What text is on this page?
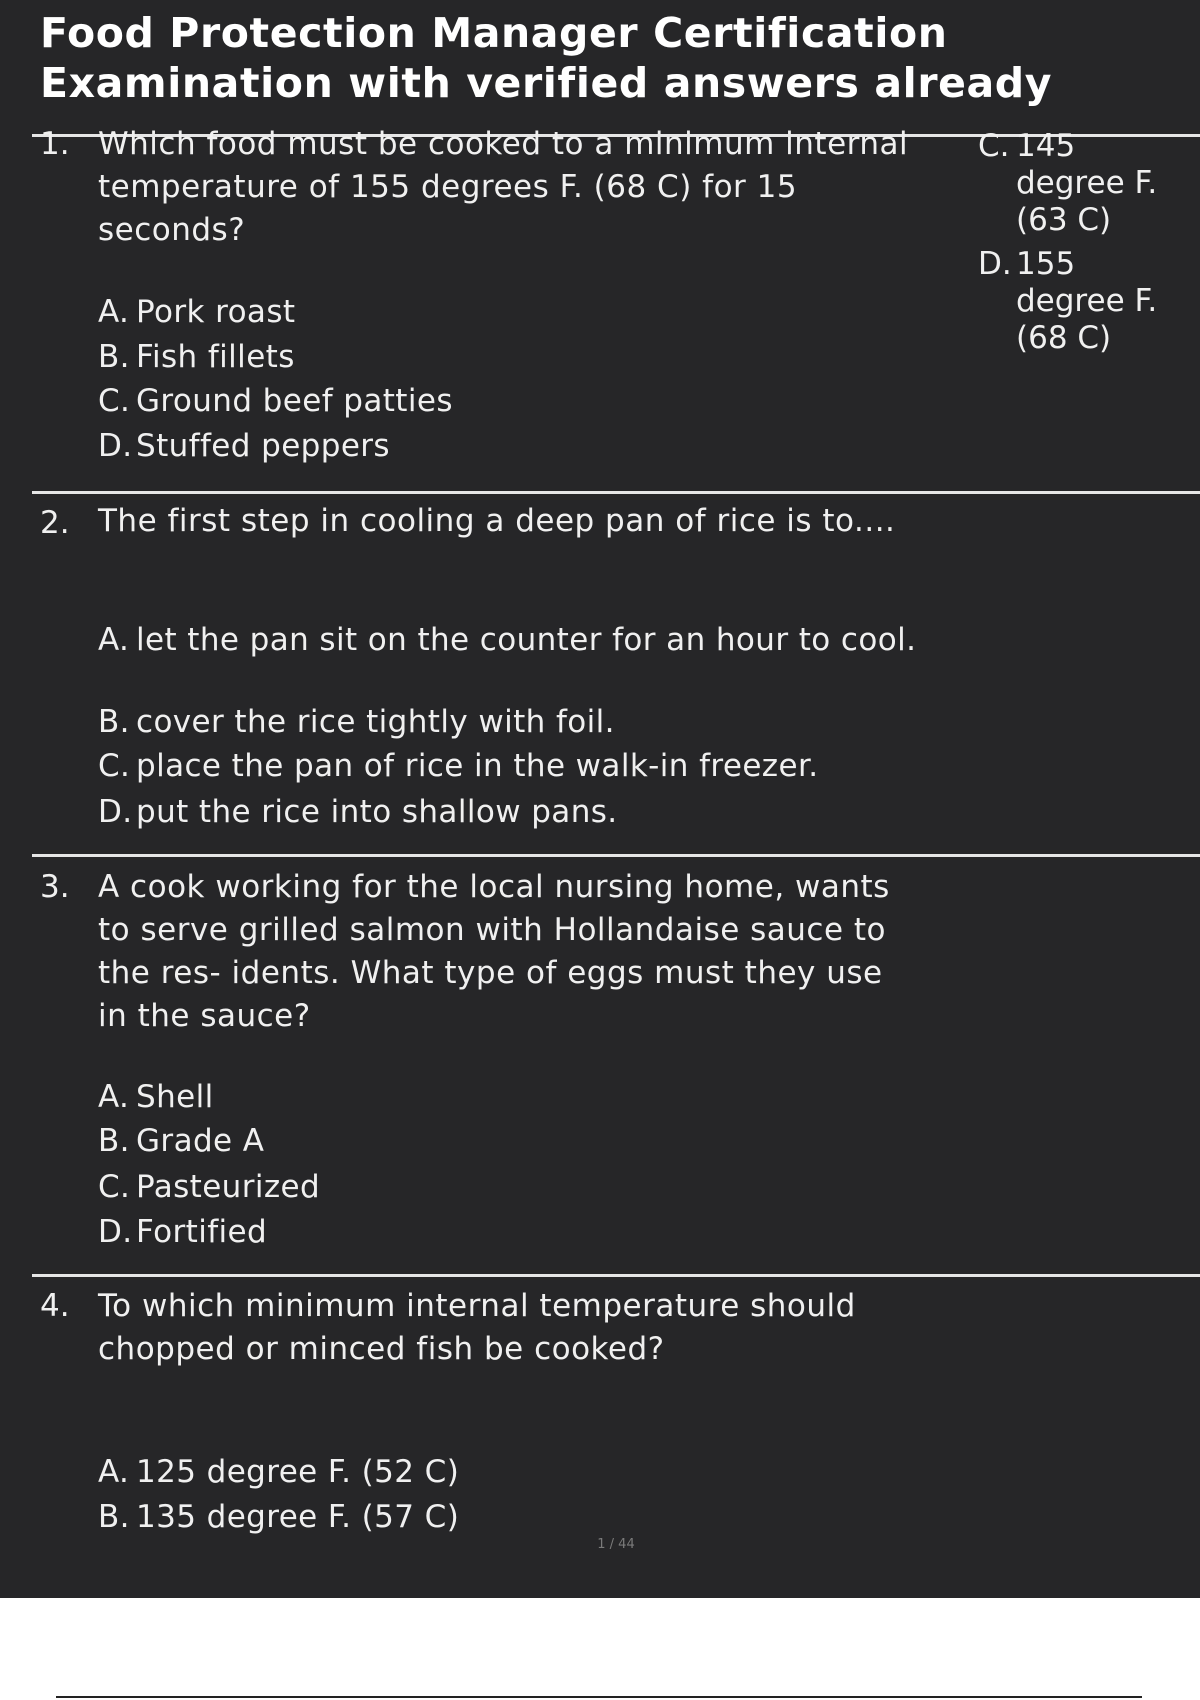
Food Protection Manager Certification Examination with verified answers already
1. Which food must be cooked to a minimum internal temperature of 155 degrees F. (68 C) for 15 seconds?
A. Pork roast
B. Fish fillets
C. Ground beef patties
D. Stuffed peppers
C. 145 degree F. (63 C)
D. 155 degree F. (68 C)
2. The first step in cooling a deep pan of rice is to....
A. let the pan sit on the counter for an hour to cool.
B. cover the rice tightly with foil.
C. place the pan of rice in the walk-in freezer.
D. put the rice into shallow pans.
3. A cook working for the local nursing home, wants to serve grilled salmon with Hollandaise sauce to the res- idents. What type of eggs must they use in the sauce?
A. Shell
B. Grade A
C. Pasteurized
D. Fortified
4. To which minimum internal temperature should chopped or minced fish be cooked?
A. 125 degree F. (52 C)
B. 135 degree F. (57 C)
1 / 44
